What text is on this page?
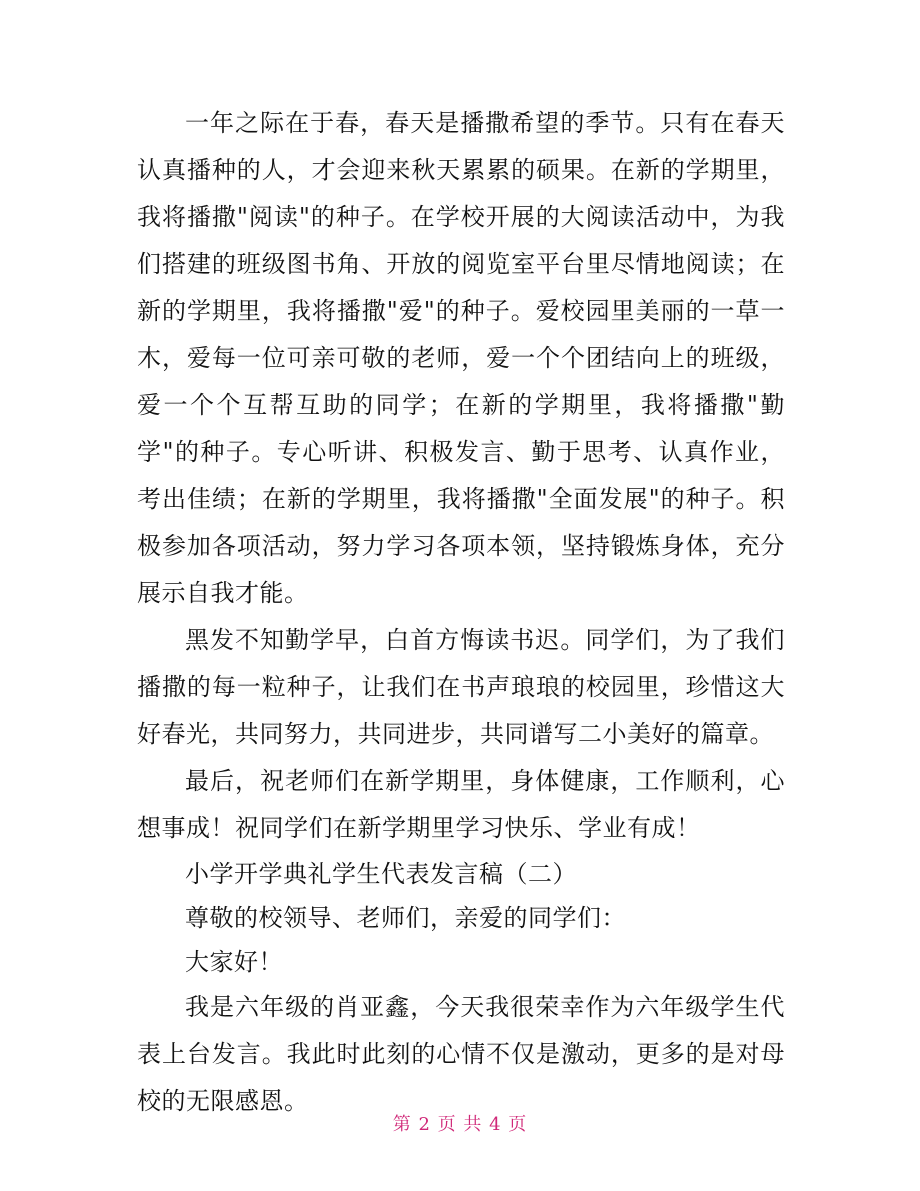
一年之际在于春，春天是播撒希望的季节。只有在春天认真播种的人，才会迎来秋天累累的硕果。在新的学期里，我将播撒"阅读"的种子。在学校开展的大阅读活动中，为我们搭建的班级图书角、开放的阅览室平台里尽情地阅读；在新的学期里，我将播撒"爱"的种子。爱校园里美丽的一草一木，爱每一位可亲可敬的老师，爱一个个团结向上的班级，爱一个个互帮互助的同学；在新的学期里，我将播撒"勤学"的种子。专心听讲、积极发言、勤于思考、认真作业，考出佳绩；在新的学期里，我将播撒"全面发展"的种子。积极参加各项活动，努力学习各项本领，坚持锻炼身体，充分展示自我才能。

黑发不知勤学早，白首方悔读书迟。同学们，为了我们播撒的每一粒种子，让我们在书声琅琅的校园里，珍惜这大好春光，共同努力，共同进步，共同谱写二小美好的篇章。

最后，祝老师们在新学期里，身体健康，工作顺利，心想事成！祝同学们在新学期里学习快乐、学业有成！

小学开学典礼学生代表发言稿（二）

尊敬的校领导、老师们，亲爱的同学们：

大家好！

我是六年级的肖亚鑫，今天我很荣幸作为六年级学生代表上台发言。我此时此刻的心情不仅是激动，更多的是对母校的无限感恩。

第 2 页 共 4 页
